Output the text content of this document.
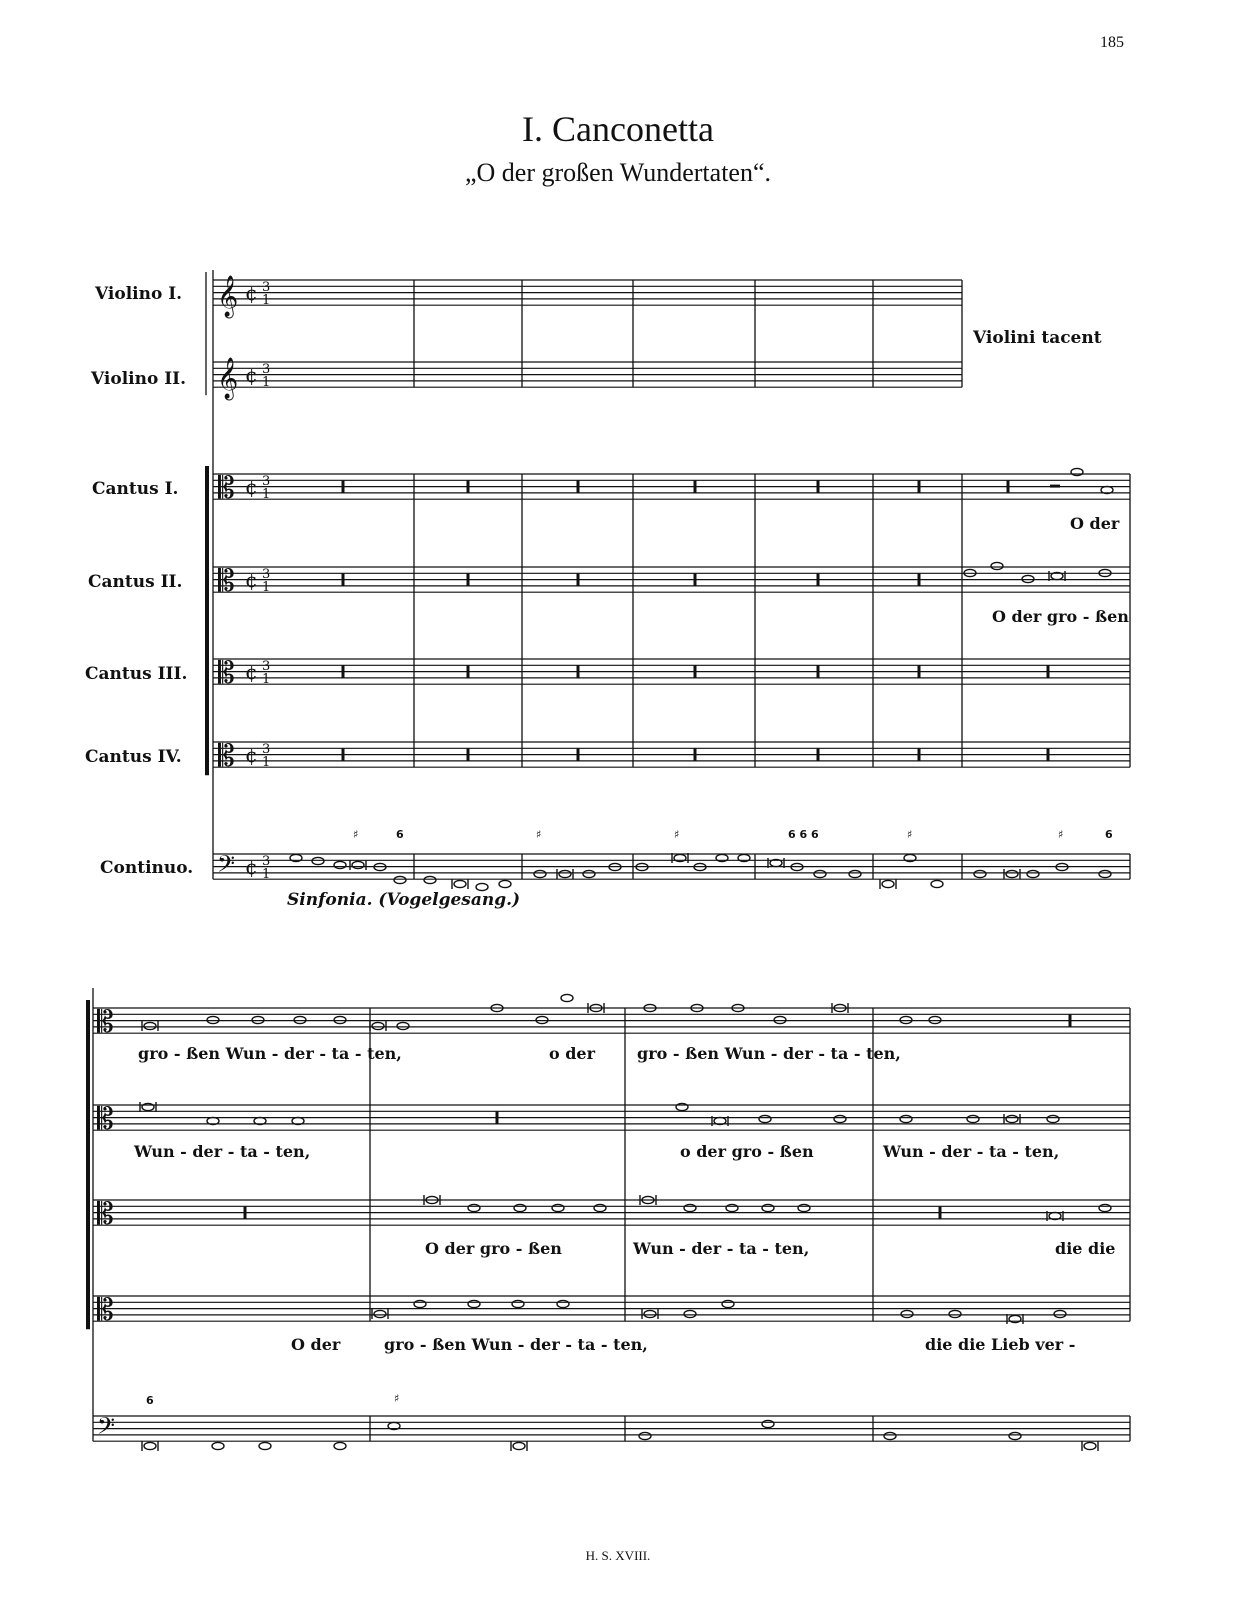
185
I. Canconetta
„O der großen Wundertaten“.
Violino I.
Violino II.
Cantus I.
Cantus II.
Cantus III.
Cantus IV.
Continuo.
Violini tacent
Sinfonia. (Vogelgesang.)
O der
O der gro - ßen
gro - ßen Wun - der - ta - ten,	o der	gro - ßen Wun - der - ta - ten,
Wun - der - ta - ten,	o der gro - ßen	Wun - der - ta - ten,
O der gro - ßen	Wun - der - ta - ten,	die die
O der	gro - ßen Wun - der - ta - ten,	die die Lieb ver -
♯	6	♯	♯	6 6 6	♯	♯	6
6	♯
H. S. XVIII.
𝄞
𝄞
𝄡
𝄡
𝄡
𝄡
𝄢
¢ 3
1
¢ 3
1
¢ 3
1
¢ 3
1
¢ 3
1
¢ 3
1
¢ 3
1
𝄡
𝄡
𝄡
𝄡
𝄢
